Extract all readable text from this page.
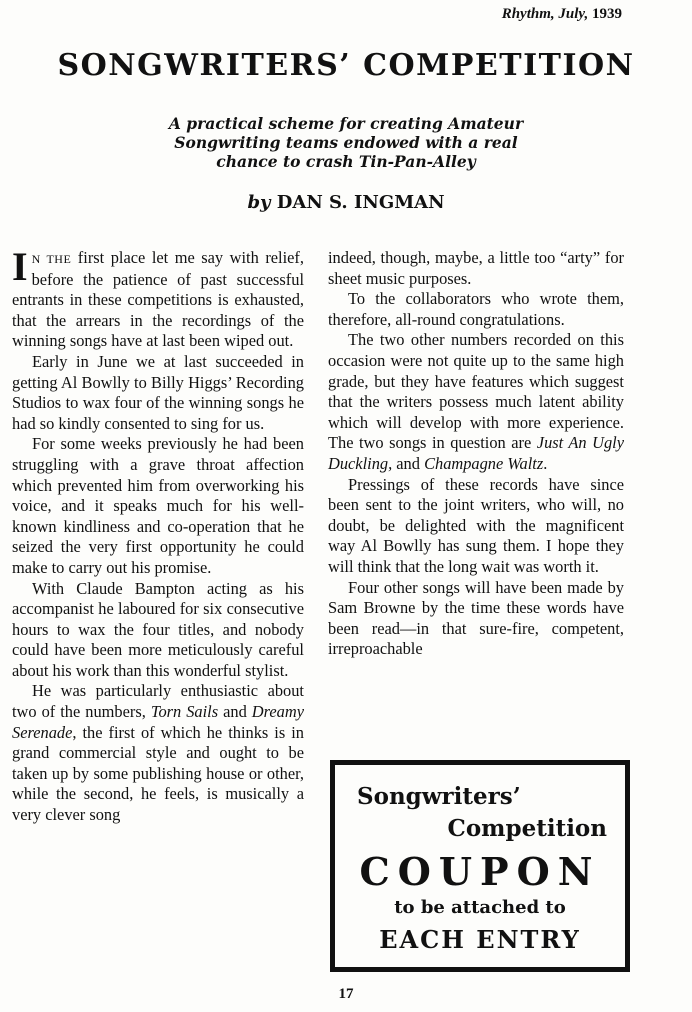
Rhythm, July, 1939
SONGWRITERS’ COMPETITION
A practical scheme for creating Amateur
Songwriting teams endowed with a real
chance to crash Tin-Pan-Alley
by DAN S. INGMAN

I N THE first place let me say with relief, before the patience of past successful entrants in these competitions is exhausted, that the arrears in the recordings of the winning songs have at last been wiped out.

Early in June we at last succeeded in getting Al Bowlly to Billy Higgs’ Recording Studios to wax four of the winning songs he had so kindly consented to sing for us.

For some weeks previously he had been struggling with a grave throat affection which prevented him from overworking his voice, and it speaks much for his well-known kindliness and co-operation that he seized the very first opportunity he could make to carry out his promise.

With Claude Bampton acting as his accompanist he laboured for six consecutive hours to wax the four titles, and nobody could have been more meticulously careful about his work than this wonderful stylist.

He was particularly enthusiastic about two of the numbers, Torn Sails and Dreamy Serenade, the first of which he thinks is in grand commercial style and ought to be taken up by some publishing house or other, while the second, he feels, is musically a very clever song

indeed, though, maybe, a little too “arty” for sheet music purposes.

To the collaborators who wrote them, therefore, all-round congratulations.

The two other numbers recorded on this occasion were not quite up to the same high grade, but they have features which suggest that the writers possess much latent ability which will develop with more experience. The two songs in question are Just An Ugly Duckling, and Champagne Waltz.

Pressings of these records have since been sent to the joint writers, who will, no doubt, be delighted with the magnificent way Al Bowlly has sung them. I hope they will think that the long wait was worth it.

Four other songs will have been made by Sam Browne by the time these words have been read—in that sure-fire, competent, irreproachable

Songwriters’
Competition
COUPON
to be attached to
EACH ENTRY
17
